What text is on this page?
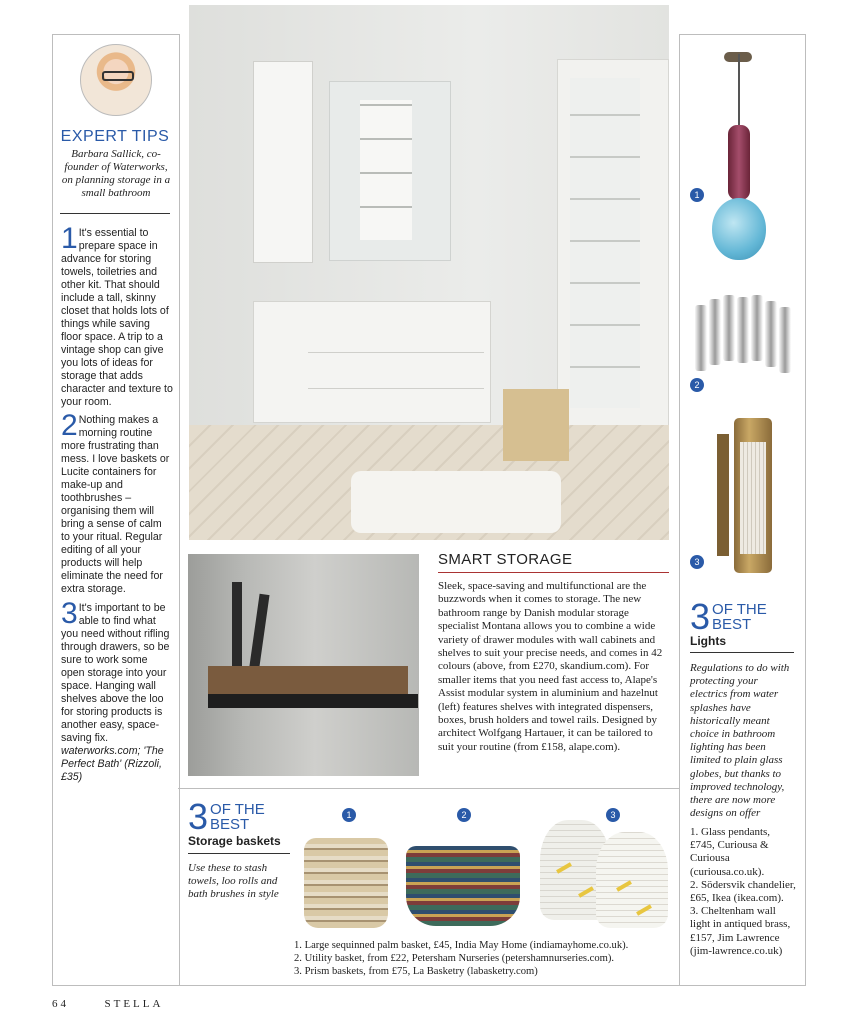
EXPERT TIPS
Barbara Sallick, co-founder of Waterworks, on planning storage in a small bathroom
1 It's essential to prepare space in advance for storing towels, toiletries and other kit. That should include a tall, skinny closet that holds lots of things while saving floor space. A trip to a vintage shop can give you lots of ideas for storage that adds character and texture to your room.
2 Nothing makes a morning routine more frustrating than mess. I love baskets or Lucite containers for make-up and toothbrushes – organising them will bring a sense of calm to your ritual. Regular editing of all your products will help eliminate the need for extra storage.
3 It's important to be able to find what you need without rifling through drawers, so be sure to work some open storage into your space. Hanging wall shelves above the loo for storing products is another easy, space-saving fix. waterworks.com; 'The Perfect Bath' (Rizzoli, £35)
SMART STORAGE
Sleek, space-saving and multifunctional are the buzzwords when it comes to storage. The new bathroom range by Danish modular storage specialist Montana allows you to combine a wide variety of drawer modules with wall cabinets and shelves to suit your precise needs, and comes in 42 colours (above, from £270, skandium.com). For smaller items that you need fast access to, Alape's Assist modular system in aluminium and hazelnut (left) features shelves with integrated dispensers, boxes, brush holders and towel rails. Designed by architect Wolfgang Hartauer, it can be tailored to suit your routine (from £158, alape.com).
1
2
3
3 OF THE
BEST
Lights
Regulations to do with protecting your electrics from water splashes have historically meant choice in bathroom lighting has been limited to plain glass globes, but thanks to improved technology, there are now more designs on offer
1. Glass pendants, £745, Curiousa & Curiousa (curiousa.co.uk).
2. Södersvik chandelier, £65, Ikea (ikea.com).
3. Cheltenham wall light in antiqued brass, £157, Jim Lawrence (jim-lawrence.co.uk)
3 OF THE
BEST
Storage baskets
Use these to stash towels, loo rolls and bath brushes in style
1	2	3
1. Large sequinned palm basket, £45, India May Home (indiamayhome.co.uk).
2. Utility basket, from £22, Petersham Nurseries (petershamnurseries.com).
3. Prism baskets, from £75, La Basketry (labasketry.com)
64	STELLA
